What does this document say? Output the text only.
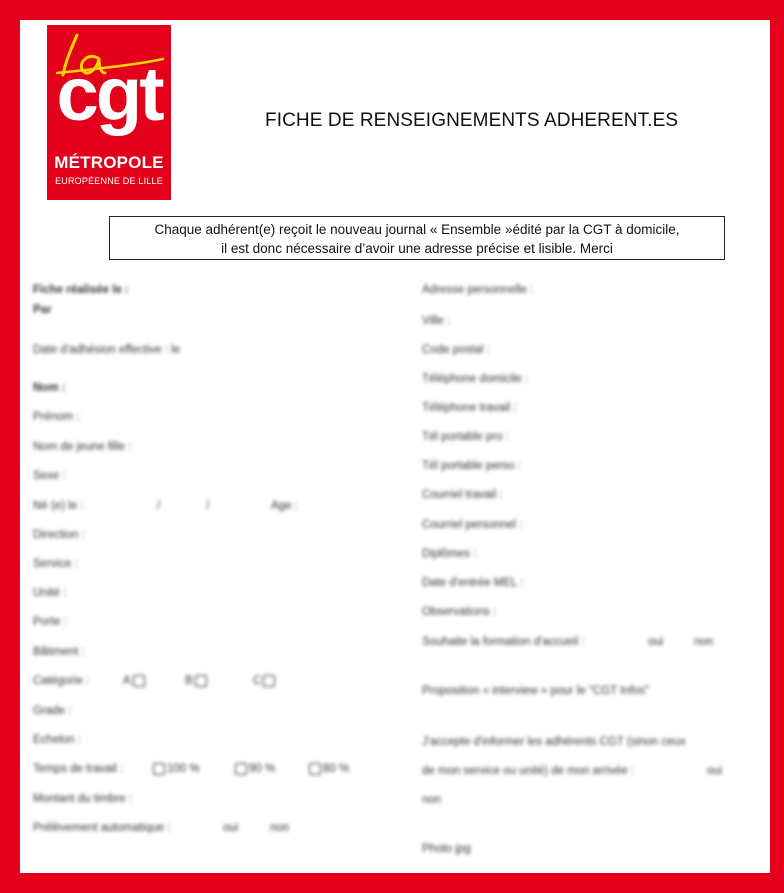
cgt
MÉTROPOLE
EUROPÉENNE DE LILLE
FICHE DE RENSEIGNEMENTS ADHERENT.ES

Chaque adhérent(e) reçoit le nouveau journal « Ensemble »édité par la CGT à domicile,

il est donc nécessaire d’avoir une adresse précise et lisible. Merci

Fiche réalisée le :
Par
Date d'adhésion effective : le
Nom :
Prénom :
Nom de jeune fille :
Sexe :
Né (e) le :	/	/	Age :
Direction :
Service :
Unité :
Porte :
Bâtiment :
Catégorie :	A	B	C
Grade :
Echelon :
Temps de travail :	100 %	90 %	80 %
Montant du timbre :
Prélèvement automatique :	oui	non
Adresse personnelle :
Ville :
Code postal :
Téléphone domicile :
Téléphone travail :
Tél portable pro :
Tél portable perso :
Courriel travail :
Courriel personnel :
Diplômes :
Date d'entrée MEL :
Observations :
Souhaite la formation d'accueil :	oui	non
Proposition « interview » pour le "CGT Infos"
J'accepte d'informer les adhérents CGT (sinon ceux
de mon service ou unité) de mon arrivée :	oui
non
Photo jpg
